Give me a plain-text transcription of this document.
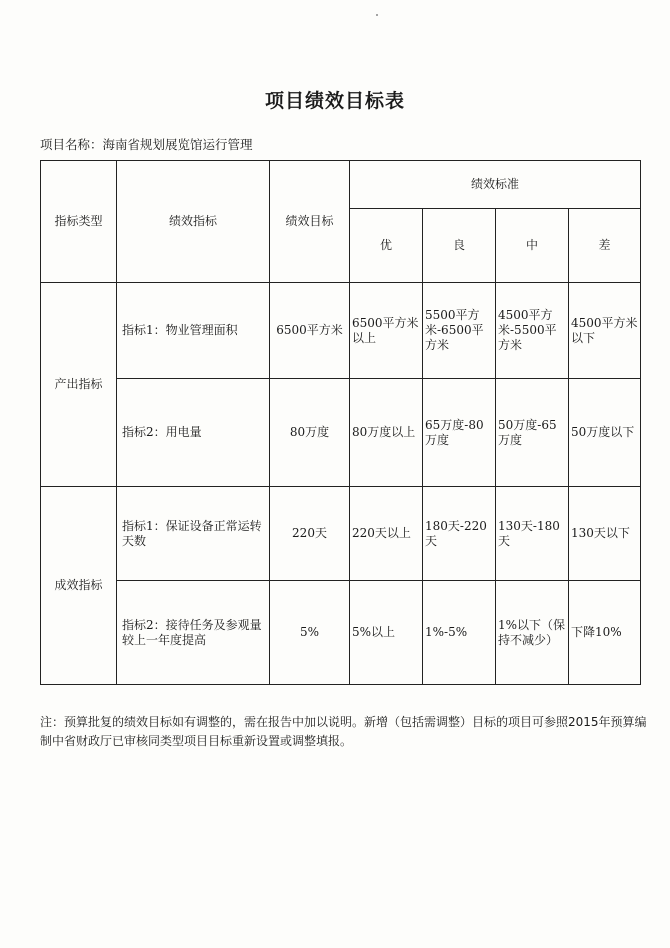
项目绩效目标表
项目名称：海南省规划展览馆运行管理
指标类型	绩效指标	绩效目标	绩效标准			
			优	良	中	差
产出指标	指标1：物业管理面积	6500平方米	6500平方米以上	5500平方米-6500平方米	4500平方米-5500平方米	4500平方米以下
	指标2：用电量	80万度	80万度以上	65万度-80万度	50万度-65万度	50万度以下
成效指标	指标1：保证设备正常运转天数	220天	220天以上	180天-220天	130天-180天	130天以下
	指标2：接待任务及参观量较上一年度提高	5%	5%以上	1%-5%	1%以下（保持不减少）	下降10%
注：预算批复的绩效目标如有调整的，需在报告中加以说明。新增（包括需调整）目标的项目可参照2015年预算编制中省财政厅已审核同类型项目目标重新设置或调整填报。
